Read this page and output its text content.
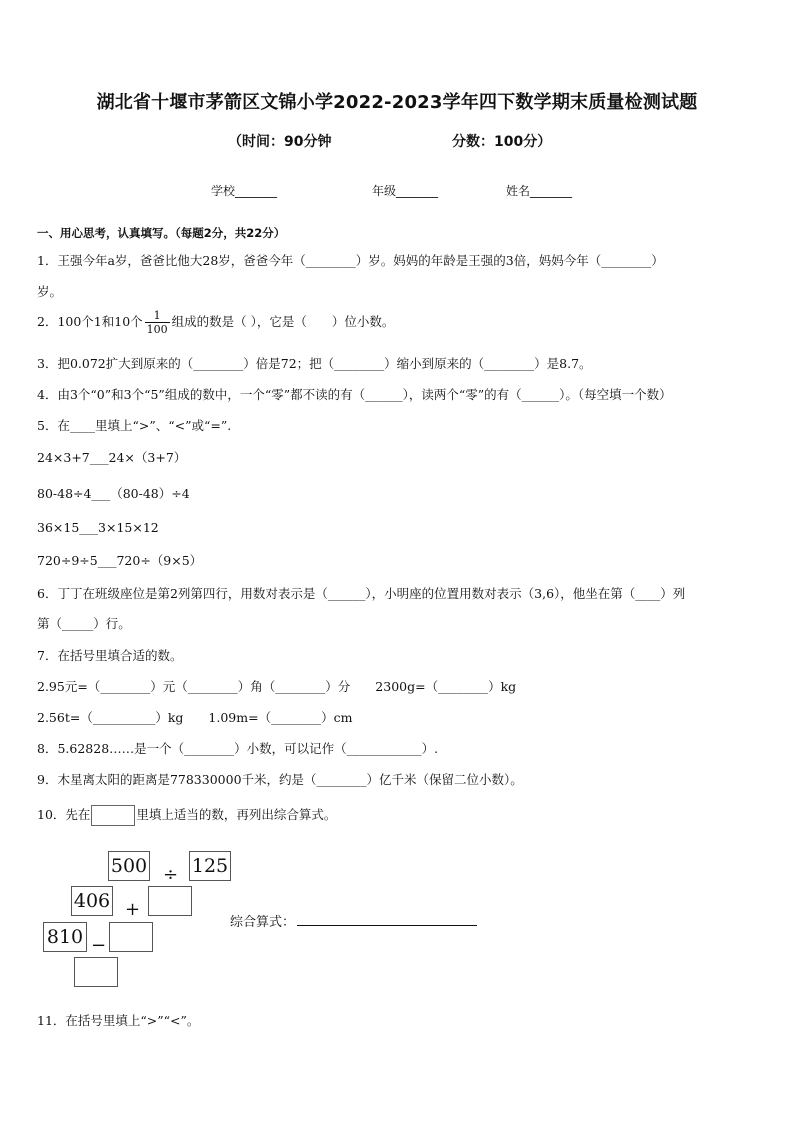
湖北省十堰市茅箭区文锦小学2022-2023学年四下数学期末质量检测试题
（时间：90分钟	分数：100分）
学校_______	年级_______	姓名_______
一、用心思考，认真填写。（每题2分，共22分）
1．王强今年a岁，爸爸比他大28岁，爸爸今年（________）岁。妈妈的年龄是王强的3倍，妈妈今年（________）
岁。
2．100个1和10个 $\frac{1}{100}$ 组成的数是（ ），它是（　　）位小数。
3．把0.072扩大到原来的（________）倍是72；把（________）缩小到原来的（________）是8.7。
4．由3个“0”和3个“5”组成的数中，一个“零”都不读的有（______），读两个“零”的有（______）。（每空填一个数）
5．在____里填上“>”、“<”或“=”.
24×3+7___24×（3+7）
80-48÷4___（80-48）÷4
36×15___3×15×12
720÷9÷5___720÷（9×5）
6．丁丁在班级座位是第2列第四行，用数对表示是（______），小明座的位置用数对表示（3,6），他坐在第（____）列
第（_____）行。
7．在括号里填合适的数。
2.95元=（________）元（________）角（________）分　　2300g=（________）kg
2.56t=（__________）kg　　1.09m=（________）cm
8．5.62828……是一个（________）小数，可以记作（____________）.
9．木星离太阳的距离是778330000千米，约是（________）亿千米（保留二位小数）。
10．先在	里填上适当的数，再列出综合算式。
500 125
÷
406 +
810 −
综合算式：
11．在括号里填上“>”“<”。
